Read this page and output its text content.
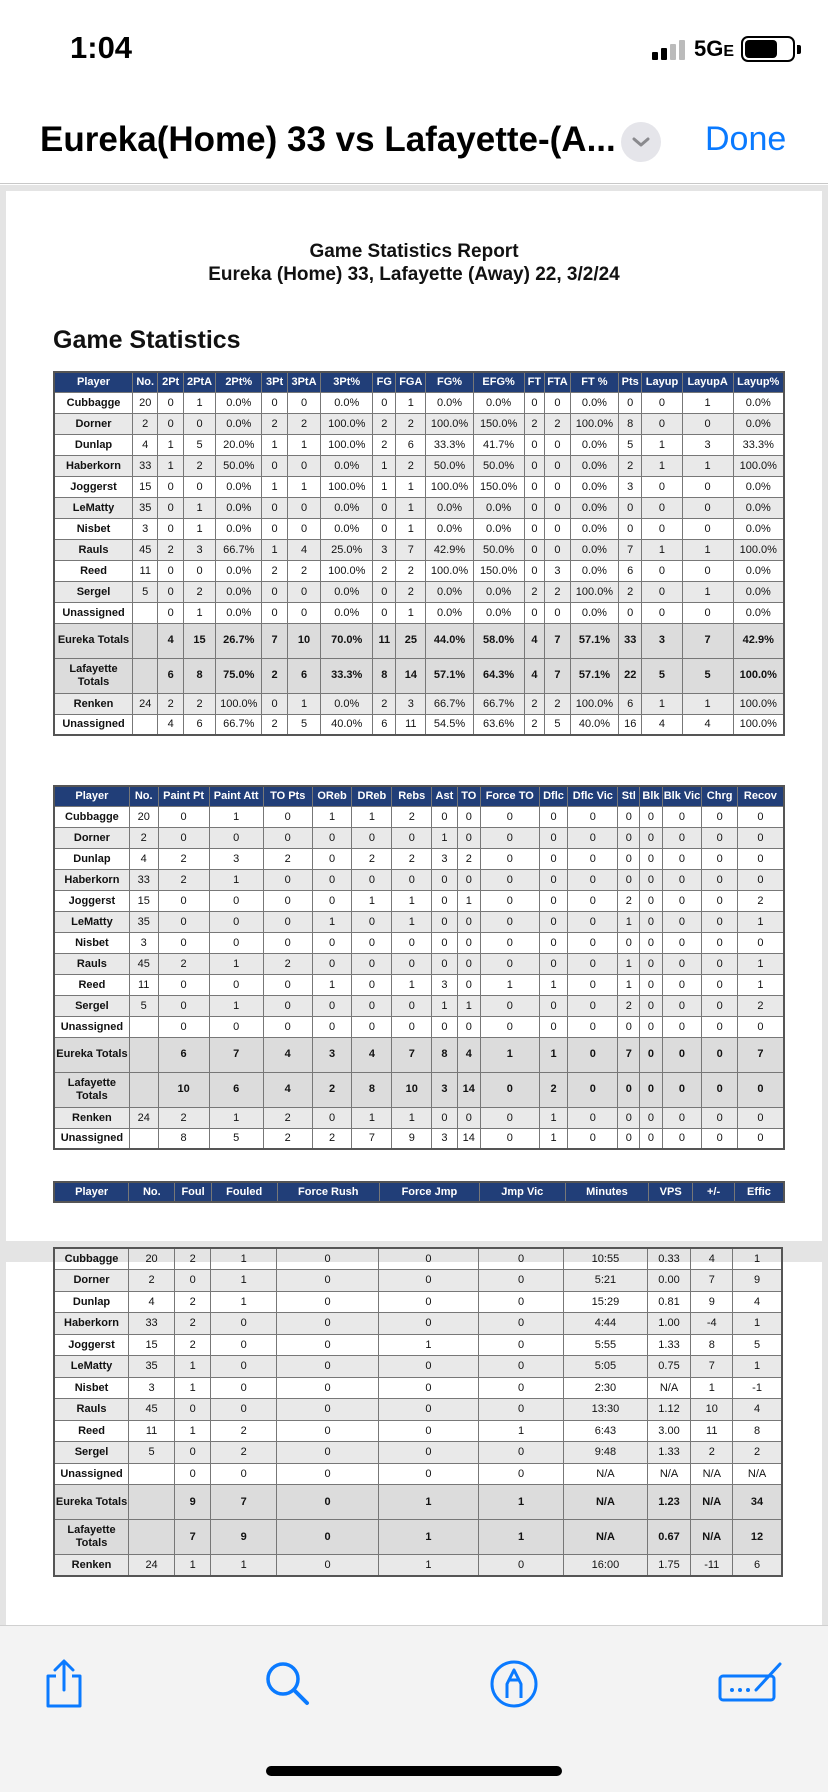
1:04	5GE
Eureka(Home) 33 vs Lafayette-(A...	Done
Game Statistics Report
Eureka (Home) 33, Lafayette (Away) 22, 3/2/24
Game Statistics
Player	No.	2Pt	2PtA	2Pt%	3Pt	3PtA	3Pt%	FG	FGA	FG%	EFG%	FT	FTA	FT %	Pts	Layup	LayupA	Layup%
Cubbagge	20	0	1	0.0%	0	0	0.0%	0	1	0.0%	0.0%	0	0	0.0%	0	0	1	0.0%
Dorner	2	0	0	0.0%	2	2	100.0%	2	2	100.0%	150.0%	2	2	100.0%	8	0	0	0.0%
Dunlap	4	1	5	20.0%	1	1	100.0%	2	6	33.3%	41.7%	0	0	0.0%	5	1	3	33.3%
Haberkorn	33	1	2	50.0%	0	0	0.0%	1	2	50.0%	50.0%	0	0	0.0%	2	1	1	100.0%
Joggerst	15	0	0	0.0%	1	1	100.0%	1	1	100.0%	150.0%	0	0	0.0%	3	0	0	0.0%
LeMatty	35	0	1	0.0%	0	0	0.0%	0	1	0.0%	0.0%	0	0	0.0%	0	0	0	0.0%
Nisbet	3	0	1	0.0%	0	0	0.0%	0	1	0.0%	0.0%	0	0	0.0%	0	0	0	0.0%
Rauls	45	2	3	66.7%	1	4	25.0%	3	7	42.9%	50.0%	0	0	0.0%	7	1	1	100.0%
Reed	11	0	0	0.0%	2	2	100.0%	2	2	100.0%	150.0%	0	3	0.0%	6	0	0	0.0%
Sergel	5	0	2	0.0%	0	0	0.0%	0	2	0.0%	0.0%	2	2	100.0%	2	0	1	0.0%
Unassigned		0	1	0.0%	0	0	0.0%	0	1	0.0%	0.0%	0	0	0.0%	0	0	0	0.0%
Eureka Totals		4	15	26.7%	7	10	70.0%	11	25	44.0%	58.0%	4	7	57.1%	33	3	7	42.9%
Lafayette Totals		6	8	75.0%	2	6	33.3%	8	14	57.1%	64.3%	4	7	57.1%	22	5	5	100.0%
Renken	24	2	2	100.0%	0	1	0.0%	2	3	66.7%	66.7%	2	2	100.0%	6	1	1	100.0%
Unassigned		4	6	66.7%	2	5	40.0%	6	11	54.5%	63.6%	2	5	40.0%	16	4	4	100.0%
Player	No.	Paint Pt	Paint Att	TO Pts	OReb	DReb	Rebs	Ast	TO	Force TO	Dflc	Dflc Vic	Stl	Blk	Blk Vic	Chrg	Recov
Cubbagge	20	0	1	0	1	1	2	0	0	0	0	0	0	0	0	0	0
Dorner	2	0	0	0	0	0	0	1	0	0	0	0	0	0	0	0	0
Dunlap	4	2	3	2	0	2	2	3	2	0	0	0	0	0	0	0	0
Haberkorn	33	2	1	0	0	0	0	0	0	0	0	0	0	0	0	0	0
Joggerst	15	0	0	0	0	1	1	0	1	0	0	0	2	0	0	0	2
LeMatty	35	0	0	0	1	0	1	0	0	0	0	0	1	0	0	0	1
Nisbet	3	0	0	0	0	0	0	0	0	0	0	0	0	0	0	0	0
Rauls	45	2	1	2	0	0	0	0	0	0	0	0	1	0	0	0	1
Reed	11	0	0	0	1	0	1	3	0	1	1	0	1	0	0	0	1
Sergel	5	0	1	0	0	0	0	1	1	0	0	0	2	0	0	0	2
Unassigned		0	0	0	0	0	0	0	0	0	0	0	0	0	0	0	0
Eureka Totals		6	7	4	3	4	7	8	4	1	1	0	7	0	0	0	7
Lafayette Totals		10	6	4	2	8	10	3	14	0	2	0	0	0	0	0	0
Renken	24	2	1	2	0	1	1	0	0	0	1	0	0	0	0	0	0
Unassigned		8	5	2	2	7	9	3	14	0	1	0	0	0	0	0	0
Player	No.	Foul	Fouled	Force Rush	Force Jmp	Jmp Vic	Minutes	VPS	+/-	Effic
Cubbagge	20	2	1	0	0	0	10:55	0.33	4	1
Dorner	2	0	1	0	0	0	5:21	0.00	7	9
Dunlap	4	2	1	0	0	0	15:29	0.81	9	4
Haberkorn	33	2	0	0	0	0	4:44	1.00	-4	1
Joggerst	15	2	0	0	1	0	5:55	1.33	8	5
LeMatty	35	1	0	0	0	0	5:05	0.75	7	1
Nisbet	3	1	0	0	0	0	2:30	N/A	1	-1
Rauls	45	0	0	0	0	0	13:30	1.12	10	4
Reed	11	1	2	0	0	1	6:43	3.00	11	8
Sergel	5	0	2	0	0	0	9:48	1.33	2	2
Unassigned		0	0	0	0	0	N/A	N/A	N/A	N/A
Eureka Totals		9	7	0	1	1	N/A	1.23	N/A	34
Lafayette Totals		7	9	0	1	1	N/A	0.67	N/A	12
Renken	24	1	1	0	1	0	16:00	1.75	-11	6
